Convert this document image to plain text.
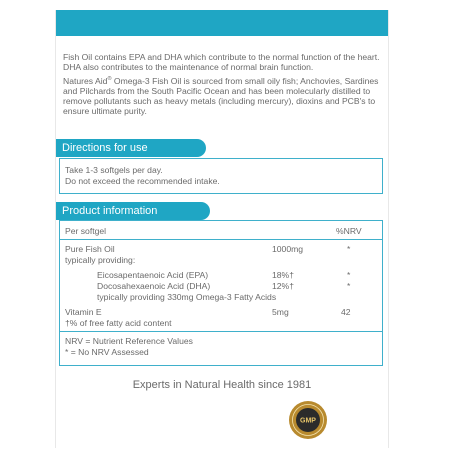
Fish Oil contains EPA and DHA which contribute to the normal function of the heart. DHA also contributes to the maintenance of normal brain function.

Natures Aid® Omega-3 Fish Oil is sourced from small oily fish; Anchovies, Sardines and Pilchards from the South Pacific Ocean and has been molecularly distilled to remove pollutants such as heavy metals (including mercury), dioxins and PCB's to ensure ultimate purity.

Directions for use
Take 1-3 softgels per day.
Do not exceed the recommended intake.
Product information
Per softgel	%NRV
Pure Fish Oil	1000mg	*
typically providing:
Eicosapentaenoic Acid (EPA)	18%†	*
Docosahexaenoic Acid (DHA)	12%†	*
typically providing 330mg Omega-3 Fatty Acids
Vitamin E	5mg	42
†% of free fatty acid content
NRV = Nutrient Reference Values
* = No NRV Assessed
Experts in Natural Health since 1981
GMP
